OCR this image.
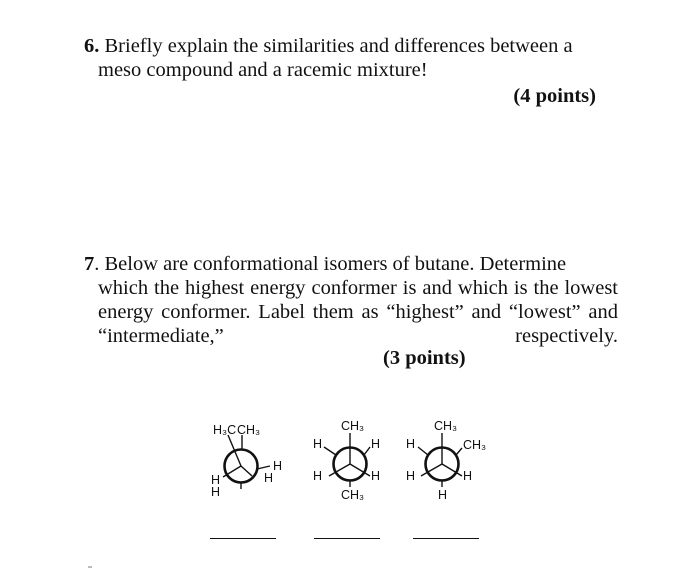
6. Briefly explain the similarities and differences between a
meso compound and a racemic mixture!
(4 points)
7. Below are conformational isomers of butane. Determine
which the highest energy conformer is and which is the lowest
energy conformer. Label them as “highest” and “lowest” and
“intermediate,”	respectively.
(3 points)
H₃C CH₃
H
H
H
H
CH₃
H	H
H	H
CH₃
CH₃
H	CH₃
H	H
H
